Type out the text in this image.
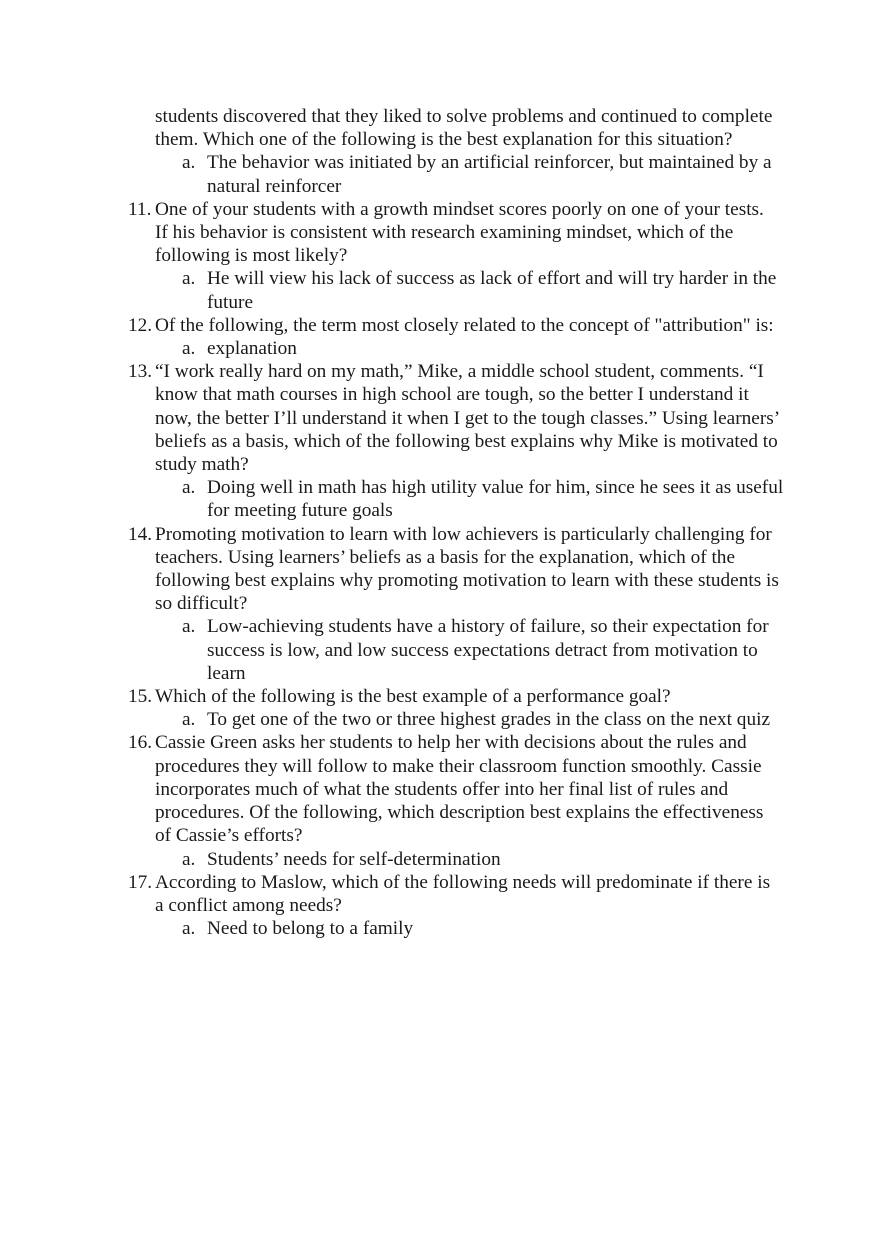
students discovered that they liked to solve problems and continued to complete them. Which one of the following is the best explanation for this situation?

a. The behavior was initiated by an artificial reinforcer, but maintained by a natural reinforcer
11. One of your students with a growth mindset scores poorly on one of your tests. If his behavior is consistent with research examining mindset, which of the following is most likely?
a. He will view his lack of success as lack of effort and will try harder in the future
12. Of the following, the term most closely related to the concept of "attribution" is:
a. explanation
13. “I work really hard on my math,” Mike, a middle school student, comments. “I know that math courses in high school are tough, so the better I understand it now, the better I’ll understand it when I get to the tough classes.” Using learners’ beliefs as a basis, which of the following best explains why Mike is motivated to study math?
a. Doing well in math has high utility value for him, since he sees it as useful for meeting future goals
14. Promoting motivation to learn with low achievers is particularly challenging for teachers. Using learners’ beliefs as a basis for the explanation, which of the following best explains why promoting motivation to learn with these students is so difficult?
a. Low-achieving students have a history of failure, so their expectation for success is low, and low success expectations detract from motivation to learn
15. Which of the following is the best example of a performance goal?
a. To get one of the two or three highest grades in the class on the next quiz
16. Cassie Green asks her students to help her with decisions about the rules and procedures they will follow to make their classroom function smoothly. Cassie incorporates much of what the students offer into her final list of rules and procedures. Of the following, which description best explains the effectiveness of Cassie’s efforts?
a. Students’ needs for self-determination
17. According to Maslow, which of the following needs will predominate if there is a conflict among needs?
a. Need to belong to a family
